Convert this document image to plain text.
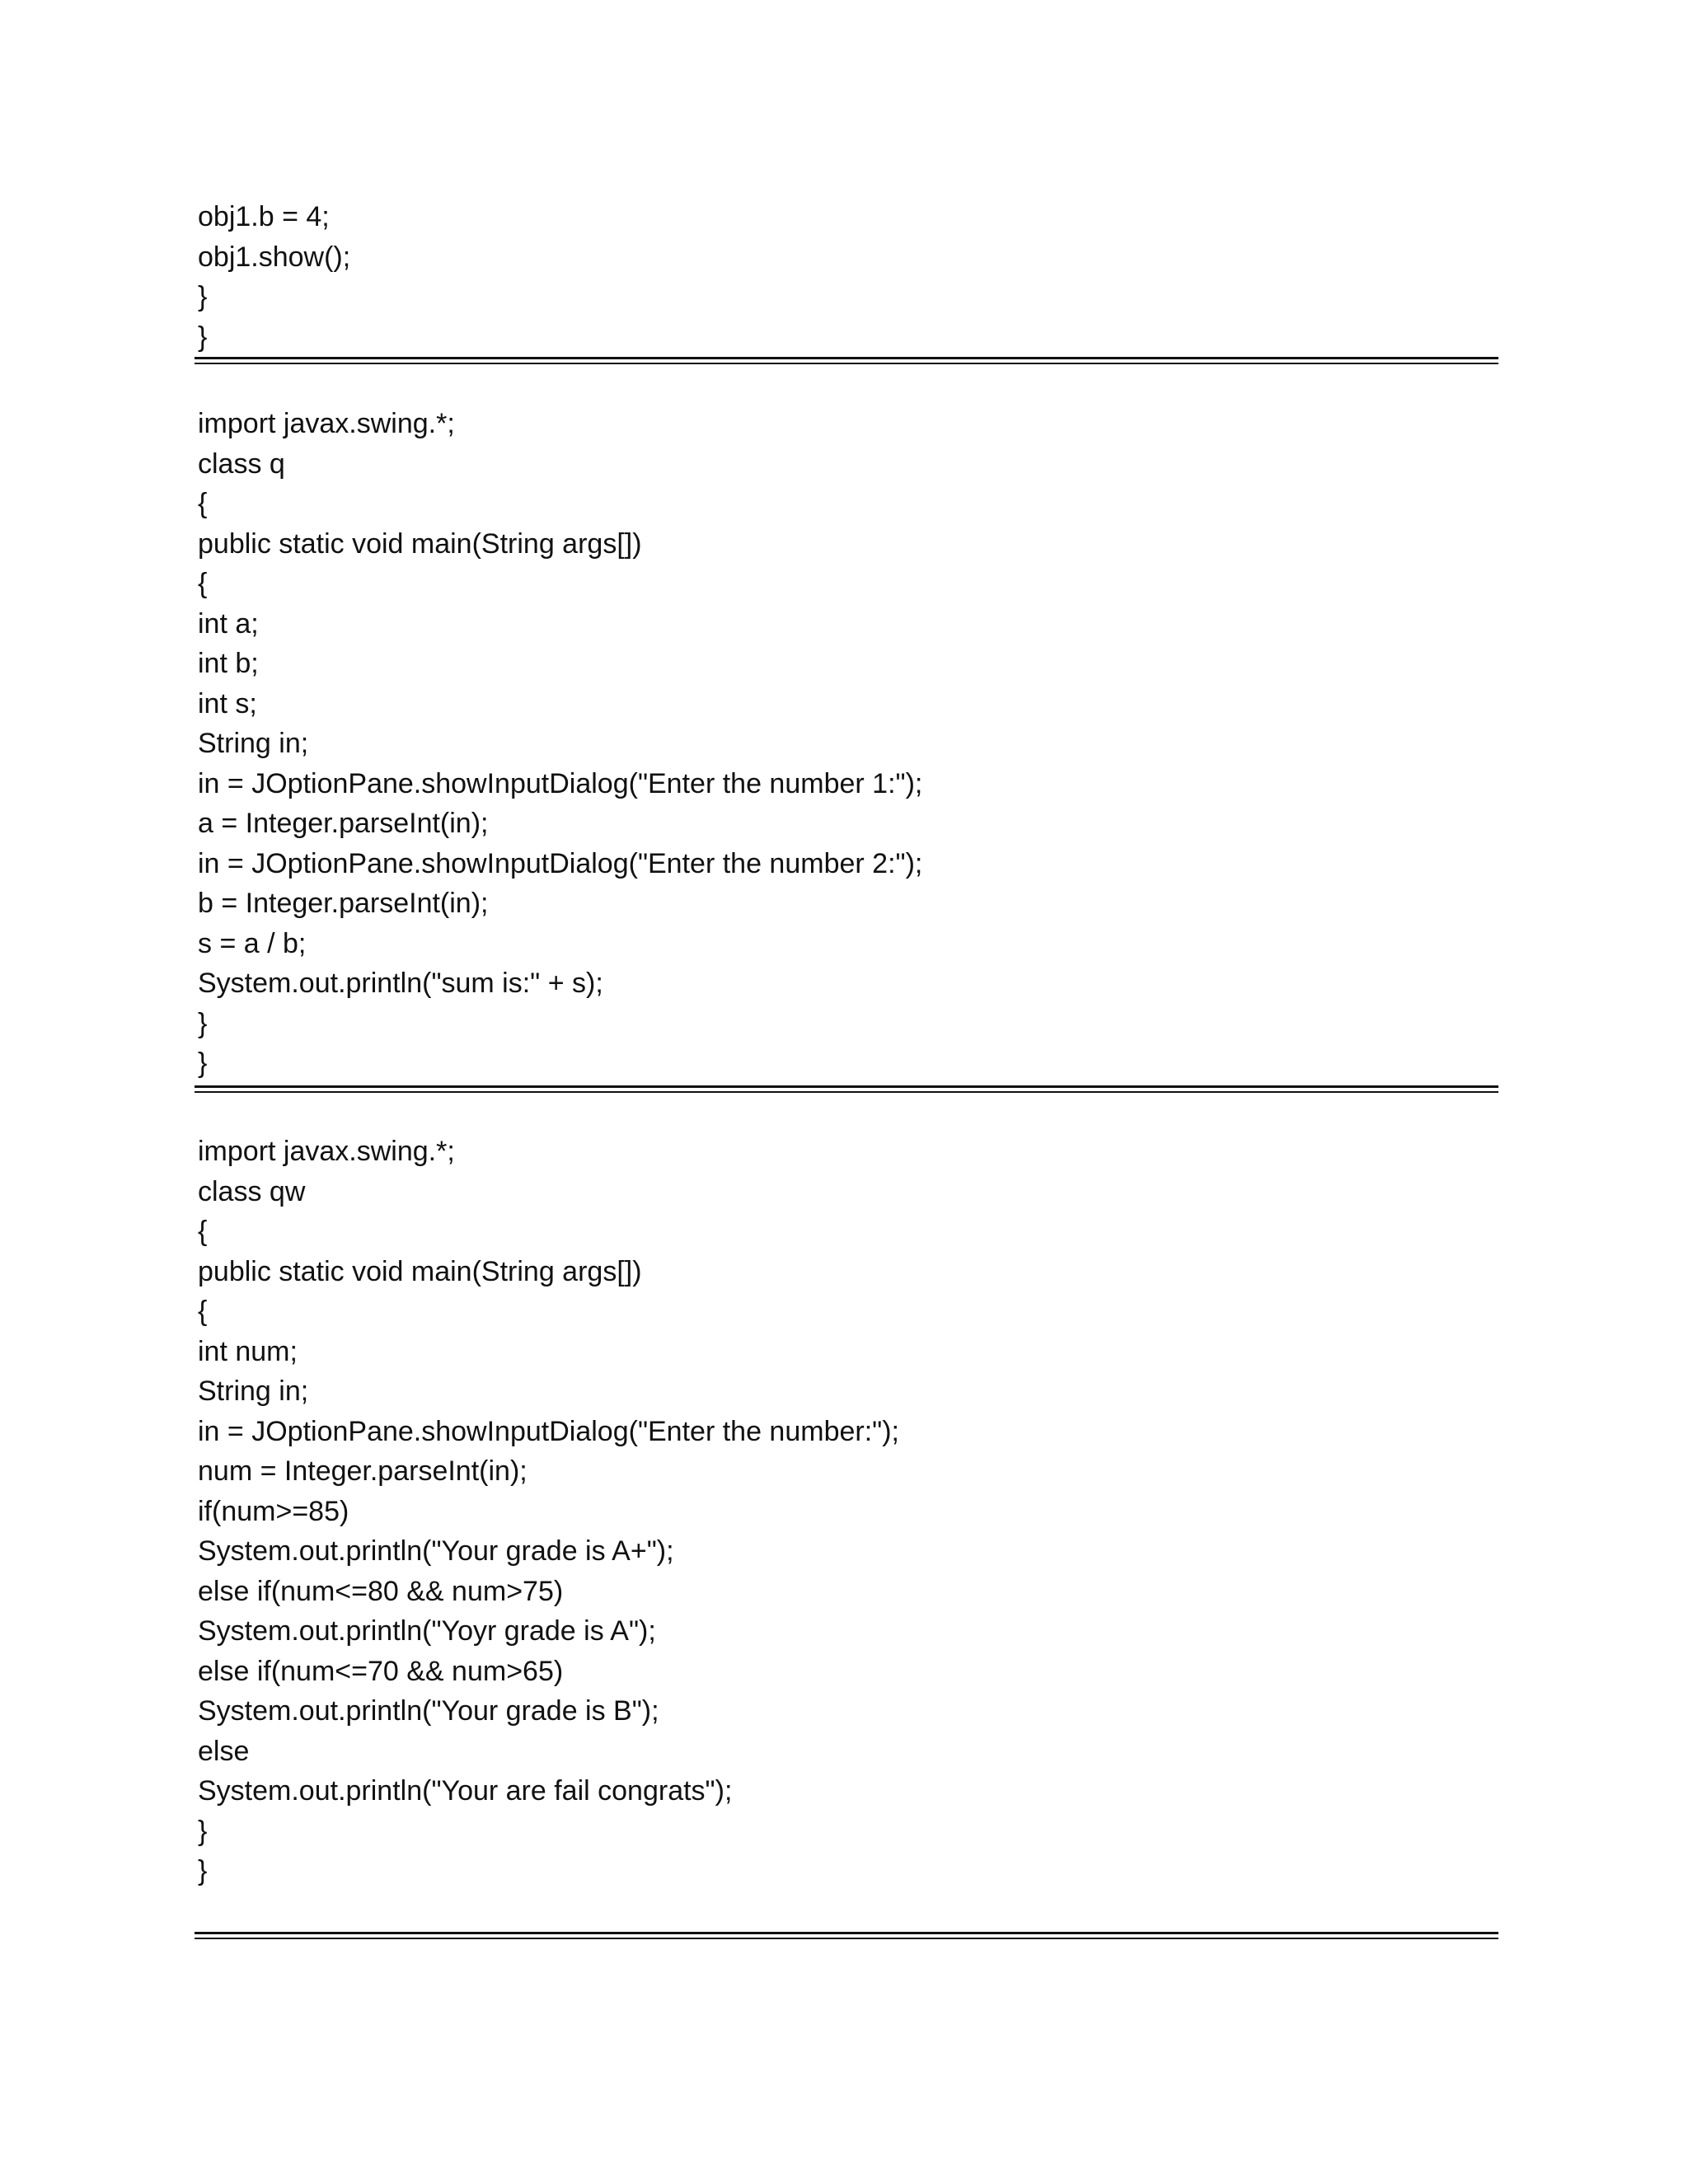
obj1.b = 4;
obj1.show();
}
}
import javax.swing.*;
class q
{
public static void main(String args[])
{
int a;
int b;
int s;
String in;
in = JOptionPane.showInputDialog("Enter the number 1:");
a = Integer.parseInt(in);
in = JOptionPane.showInputDialog("Enter the number 2:");
b = Integer.parseInt(in);
s = a / b;
System.out.println("sum is:" + s);
}
}
import javax.swing.*;
class qw
{
public static void main(String args[])
{
int num;
String in;
in = JOptionPane.showInputDialog("Enter the number:");
num = Integer.parseInt(in);
if(num>=85)
System.out.println("Your grade is A+");
else if(num<=80 && num>75)
System.out.println("Yoyr grade is A");
else if(num<=70 && num>65)
System.out.println("Your grade is B");
else
System.out.println("Your are fail congrats");
}
}
